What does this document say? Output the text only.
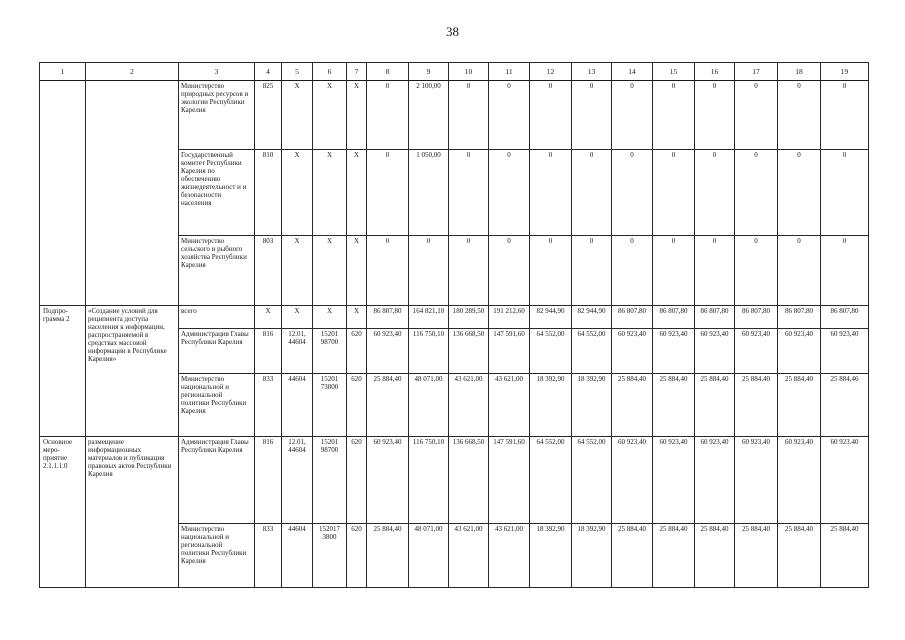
38
1	2	3	4	5	6	7	8	9	10	11	12	13	14	15	16	17	18	19
		Министерство природных ресурсов и экологии Республики Карелия	825	X	X	X	0	2 100,00	0	0	0	0	0	0	0	0	0	0
		Государственный комитет Республики Карелия по обеспечению жизнедеятельност и и безопасности населения	810	X	X	X	0	1 050,00	0	0	0	0	0	0	0	0	0	0
		Министерство сельского и рыбного хозяйства Республики Карелия	803	X	X	X	0	0	0	0	0	0	0	0	0	0	0	0
Подпро-грамма 2	«Создание условий для реципиента доступа населения к информации, распространяемой в средствах массовой информации в Республике Карелия»	всего	X	X	X	X	86 807,80	164 821,10	180 289,50	191 212,60	82 944,90	82 944,90	86 807,80	86 807,80	86 807,80	86 807,80	86 807,80	86 807,80
		Администрация Главы Республики Карелия	816	12.01, 44604	15201 98700	620	60 923,40	116 750,10	136 668,50	147 591,60	64 552,00	64 552,00	60 923,40	60 923,40	60 923,40	60 923,40	60 923,40	60 923,40
		Министерство национальной и региональной политики Республики Карелия	833	44604	15201 73800	620	25 884,40	48 071,00	43 621,00	43 621,00	18 392,90	18 392,90	25 884,40	25 884,40	25 884,40	25 884,40	25 884,40	25 884,46
Основное меро-приятие 2.1.1.1.0	размещение информационных материалов и публикация правовых актов Республики Карелия	Администрация Главы Республики Карелия	816	12.01, 44604	15201 98700	620	60 923,40	116 750,10	136 668,50	147 591,60	64 552,00	64 552,00	60 923,40	60 923,40	60 923,40	60 923,40	60 923,40	60 923.40
		Министерство национальной и региональной политики Республики Карелия	833	44604	152017 3800	620	25 884,40	48 071,00	43 621,00	43 621,00	18 392,90	18 392,90	25 884,40	25 884,40	25 884,40	25 884,40	25 884,40	25 884,40
